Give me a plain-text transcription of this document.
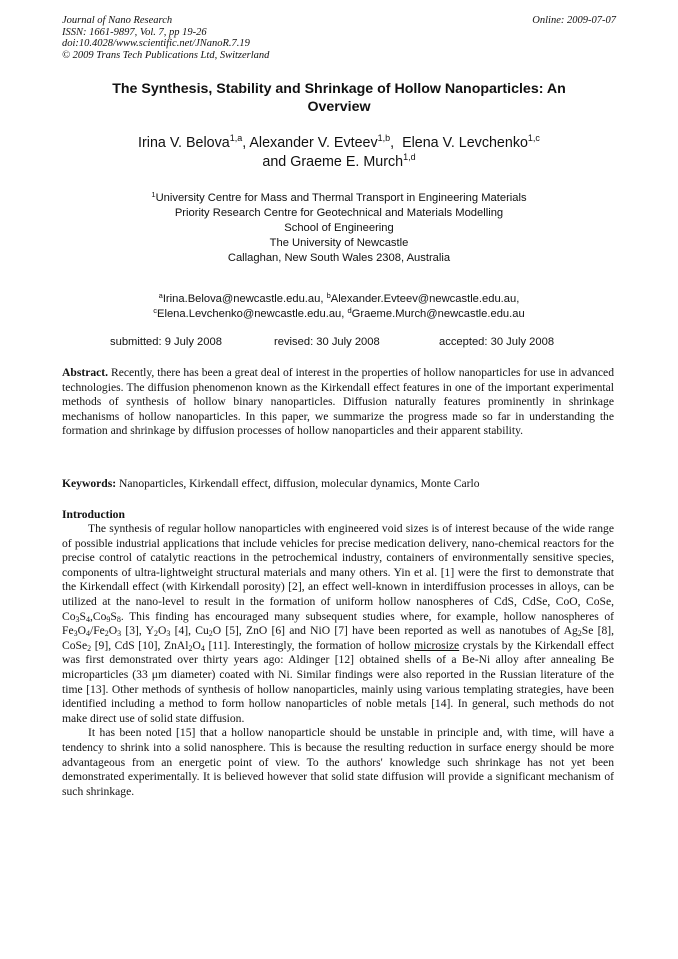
Journal of Nano Research
ISSN: 1661-9897, Vol. 7, pp 19-26
doi:10.4028/www.scientific.net/JNanoR.7.19
© 2009 Trans Tech Publications Ltd, Switzerland
Online: 2009-07-07
The Synthesis, Stability and Shrinkage of Hollow Nanoparticles: An
Overview
Irina V. Belova$^{1,a}$, Alexander V. Evteev$^{1,b}$,  Elena V. Levchenko$^{1,c}$
and Graeme E. Murch$^{1,d}$
$^1$University Centre for Mass and Thermal Transport in Engineering Materials
Priority Research Centre for Geotechnical and Materials Modelling
School of Engineering
The University of Newcastle
Callaghan, New South Wales 2308, Australia
$^a$Irina.Belova@newcastle.edu.au, $^b$Alexander.Evteev@newcastle.edu.au,
$^c$Elena.Levchenko@newcastle.edu.au, $^d$Graeme.Murch@newcastle.edu.au
submitted: 9 July 2008	revised: 30 July 2008	accepted: 30 July 2008
Abstract. Recently, there has been a great deal of interest in the properties of hollow nanoparticles for use in advanced technologies. The diffusion phenomenon known as the Kirkendall effect features in one of the important experimental methods of synthesis of hollow binary nanoparticles. Diffusion naturally features prominently in shrinkage mechanisms of hollow nanoparticles. In this paper, we summarize the progress made so far in understanding the formation and shrinkage by diffusion processes of hollow nanoparticles and their apparent stability.
Keywords: Nanoparticles, Kirkendall effect, diffusion, molecular dynamics, Monte Carlo
Introduction

The synthesis of regular hollow nanoparticles with engineered void sizes is of interest because of the wide range of possible industrial applications that include vehicles for precise medication delivery, nano-chemical reactors for the precise control of catalytic reactions in the petrochemical industry, containers of environmentally sensitive species, components of ultra-lightweight structural materials and many others. Yin et al. [1] were the first to demonstrate that the Kirkendall effect (with Kirkendall porosity) [2], an effect well-known in interdiffusion processes in alloys, can be utilized at the nano-level to result in the formation of uniform hollow nanospheres of CdS, CdSe, CoO, CoSe, $Co_3S_4,Co_9S_8$. This finding has encouraged many subsequent studies where, for example, hollow nanospheres of $Fe_3O_4/Fe_2O_3$ [3], $Y_2O_3$ [4], $Cu_2O$ [5], ZnO [6] and NiO [7] have been reported as well as nanotubes of $Ag_2Se$ [8], CoSe$_2$ [9], CdS [10], $ZnAl_2O_4$ [11]. Interestingly, the formation of hollow microsize crystals by the Kirkendall effect was first demonstrated over thirty years ago: Aldinger [12] obtained shells of a Be-Ni alloy after annealing Be microparticles (33 μm diameter) coated with Ni. Similar findings were also reported in the Russian literature of the time [13]. Other methods of synthesis of hollow nanoparticles, mainly using various templating strategies, have been identified including a method to form hollow nanoparticles of noble metals [14]. In general, such methods do not make direct use of solid state diffusion.

It has been noted [15] that a hollow nanoparticle should be unstable in principle and, with time, will have a tendency to shrink into a solid nanosphere. This is because the resulting reduction in surface energy should be more advantageous from an energetic point of view. To the authors' knowledge such shrinkage has not yet been demonstrated experimentally. It is believed however that solid state diffusion will provide a significant mechanism of such shrinkage.
